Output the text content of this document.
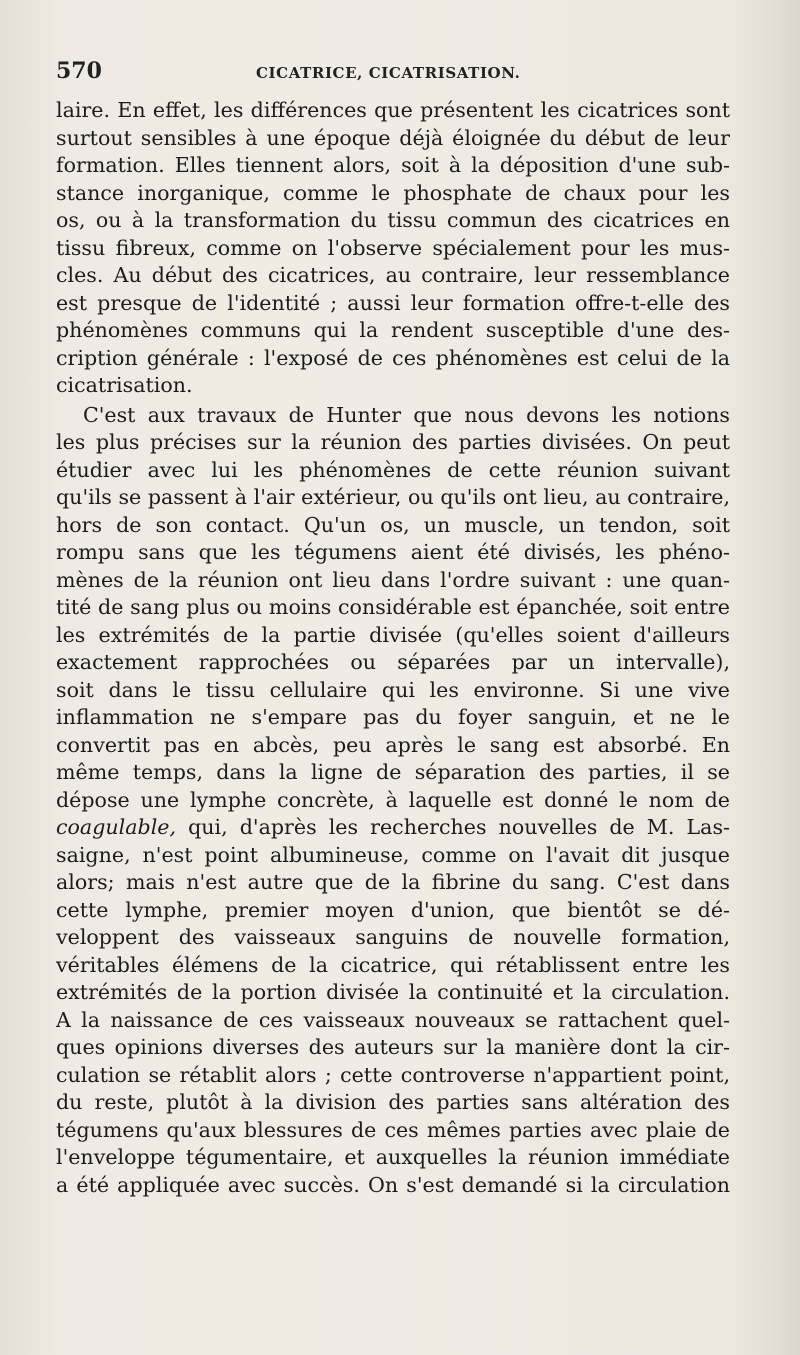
570	CICATRICE, CICATRISATION.
laire. En effet, les différences que présentent les cicatrices sont
surtout sensibles à une époque déjà éloignée du début de leur
formation. Elles tiennent alors, soit à la déposition d'une sub-
stance inorganique, comme le phosphate de chaux pour les
os, ou à la transformation du tissu commun des cicatrices en
tissu fibreux, comme on l'observe spécialement pour les mus-
cles. Au début des cicatrices, au contraire, leur ressemblance
est presque de l'identité ; aussi leur formation offre-t-elle des
phénomènes communs qui la rendent susceptible d'une des-
cription générale : l'exposé de ces phénomènes est celui de la
cicatrisation.
C'est aux travaux de Hunter que nous devons les notions
les plus précises sur la réunion des parties divisées. On peut
étudier avec lui les phénomènes de cette réunion suivant
qu'ils se passent à l'air extérieur, ou qu'ils ont lieu, au contraire,
hors de son contact. Qu'un os, un muscle, un tendon, soit
rompu sans que les tégumens aient été divisés, les phéno-
mènes de la réunion ont lieu dans l'ordre suivant : une quan-
tité de sang plus ou moins considérable est épanchée, soit entre
les extrémités de la partie divisée (qu'elles soient d'ailleurs
exactement rapprochées ou séparées par un intervalle),
soit dans le tissu cellulaire qui les environne. Si une vive
inflammation ne s'empare pas du foyer sanguin, et ne le
convertit pas en abcès, peu après le sang est absorbé. En
même temps, dans la ligne de séparation des parties, il se
dépose une lymphe concrète, à laquelle est donné le nom de
coagulable, qui, d'après les recherches nouvelles de M. Las-
saigne, n'est point albumineuse, comme on l'avait dit jusque
alors; mais n'est autre que de la fibrine du sang. C'est dans
cette lymphe, premier moyen d'union, que bientôt se dé-
veloppent des vaisseaux sanguins de nouvelle formation,
véritables élémens de la cicatrice, qui rétablissent entre les
extrémités de la portion divisée la continuité et la circulation.
A la naissance de ces vaisseaux nouveaux se rattachent quel-
ques opinions diverses des auteurs sur la manière dont la cir-
culation se rétablit alors ; cette controverse n'appartient point,
du reste, plutôt à la division des parties sans altération des
tégumens qu'aux blessures de ces mêmes parties avec plaie de
l'enveloppe tégumentaire, et auxquelles la réunion immédiate
a été appliquée avec succès. On s'est demandé si la circulation
